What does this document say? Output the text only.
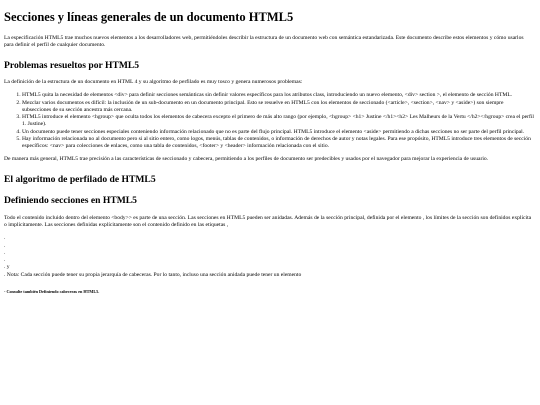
Secciones y líneas generales de un documento HTML5

La especificación HTML5 trae muchos nuevos elementos a los desarrolladores web, permitiéndoles describir la estructura de un documento web con semántica estandarizada. Este documento describe estos elementos y cómo usarlos para definir el perfil de cualquier documento.

Problemas resueltos por HTML5

La definición de la estructura de un documento en HTML 4 y su algoritmo de perfilado es muy tosco y genera numerosos problemas:

1. HTML5 quita la necesidad de elementos <div> para definir secciones semánticas sin definir valores específicos para los atributos class, introduciendo un nuevo elemento, <div> section >, el elemento de sección HTML.
2. Mezclar varios documentos es difícil: la inclusión de un sub-documento en un documento principal. Esto se resuelve en HTML5 con los elementos de seccionado (<article>, <section>, <nav> y <aside>) son siempre subsecciones de su sección ancestra más cercana.
3. HTML5 introduce el elemento <hgroup> que oculta todos los elementos de cabecera excepto el primero de más alto rango (por ejemplo, <hgroup> <h1> Justine </h1><h2> Les Malheurs de la Vertu </h2></hgroup> crea el perfil 1. Justine).
4. Un documento puede tener secciones especiales conteniendo información relacionado que no es parte del flujo principal. HTML5 introduce el elemento <aside> permitiendo a dichas secciones no ser parte del perfil principal.
5. Hay información relacionada no al documento pero si al sitio entero, como logos, menús, tablas de contenidos, o información de derechos de autor y notas legales. Para ese propósito, HTML5 introduce tres elementos de sección específicos: <nav> para colecciones de enlaces, como una tabla de contenidos, <footer> y <header> información relacionada con el sitio.

De manera más general, HTML5 trae precisión a las características de seccionado y cabecera, permitiendo a los perfiles de documento ser predecibles y usados por el navegador para mejorar la experiencia de usuario.

El algoritmo de perfilado de HTML5
Definiendo secciones en HTML5

Todo el contenido incluido dentro del elemento <body>> es parte de una sección. Las secciones en HTML5 pueden ser anidadas. Además de la sección principal, definida por el elemento , los límites de la sección son definidos explícita o implícitamente. Las secciones definidas explícitamente son el contenido definido en las etiquetas ,

.
.
.
.
. y
. Nota: Cada sección puede tener su propia jerarquía de cabeceras. Por lo tanto, incluso una sección anidada puede tener un elemento

- Consulte también Definiendo cabeceras en HTML5.
